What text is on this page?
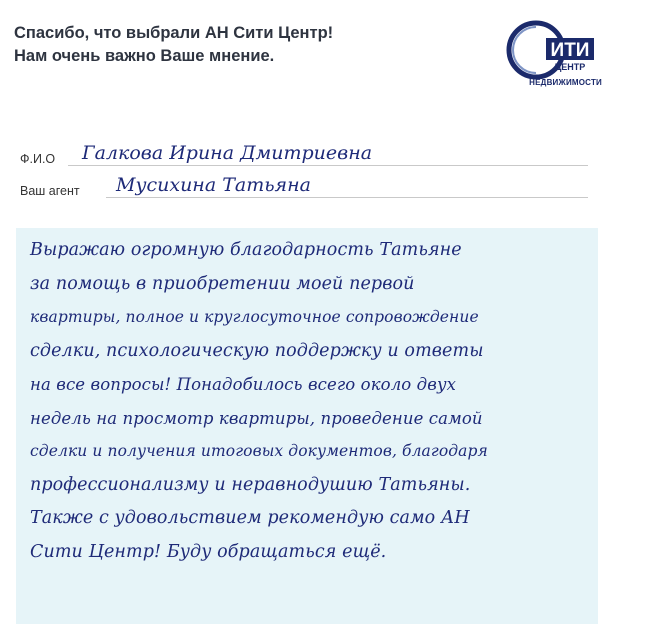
Спасибо, что выбрали АН Сити Центр!
Нам очень важно Ваше мнение.	ИТИ
ЦЕНТР
НЕДВИЖИМОСТИ
Ф.И.О Галкова Ирина Дмитриевна
Ваш агент Мусихина Татьяна
Выражаю огромную благодарность Татьяне
за помощь в приобретении моей первой
квартиры, полное и круглосуточное сопровождение
сделки, психологическую поддержку и ответы
на все вопросы! Понадобилось всего около двух
недель на просмотр квартиры, проведение самой
сделки и получения итоговых документов, благодаря
профессионализму и неравнодушию Татьяны.
Также с удовольствием рекомендую само АН
Сити Центр! Буду обращаться ещё.
